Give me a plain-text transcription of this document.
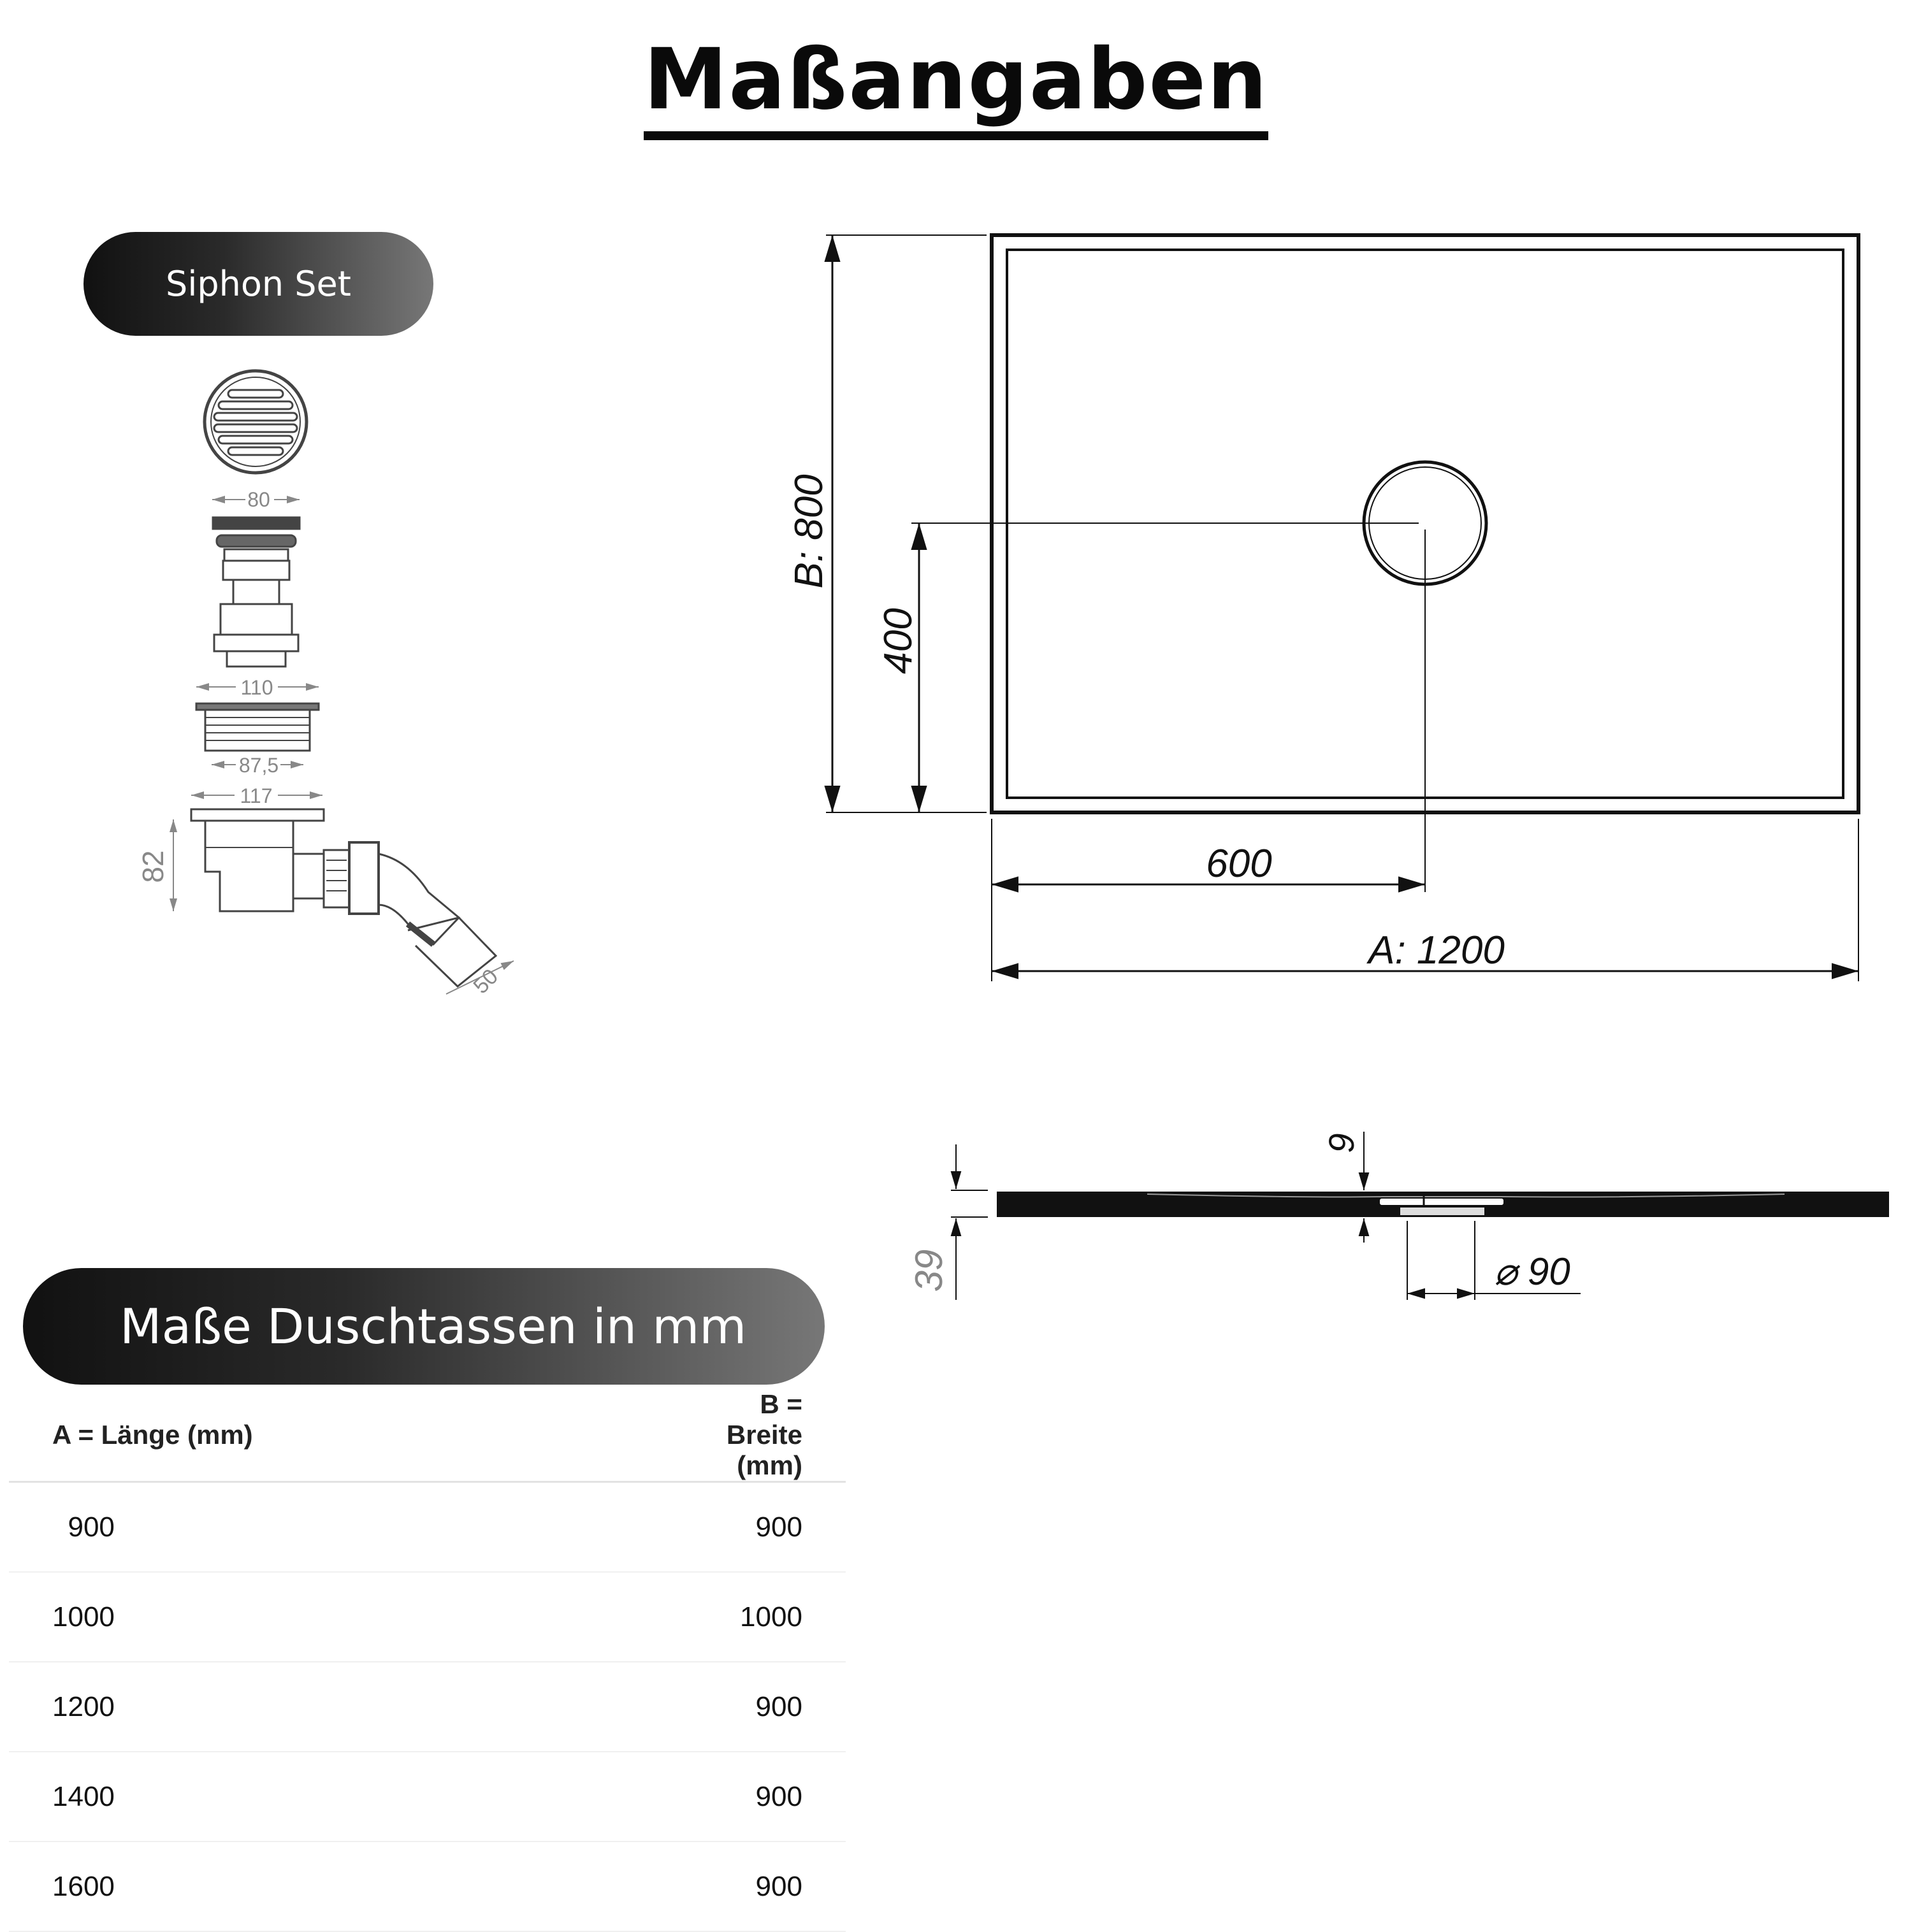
Maßangaben
Siphon Set
80
110
87,5
117
82
50
B: 800
400
600
A: 1200
9
39	⌀ 90
Maße Duschtassen in mm
A = Länge (mm)	B = Breite (mm)
900	900
1000	1000
1200	900
1400	900
1600	900
